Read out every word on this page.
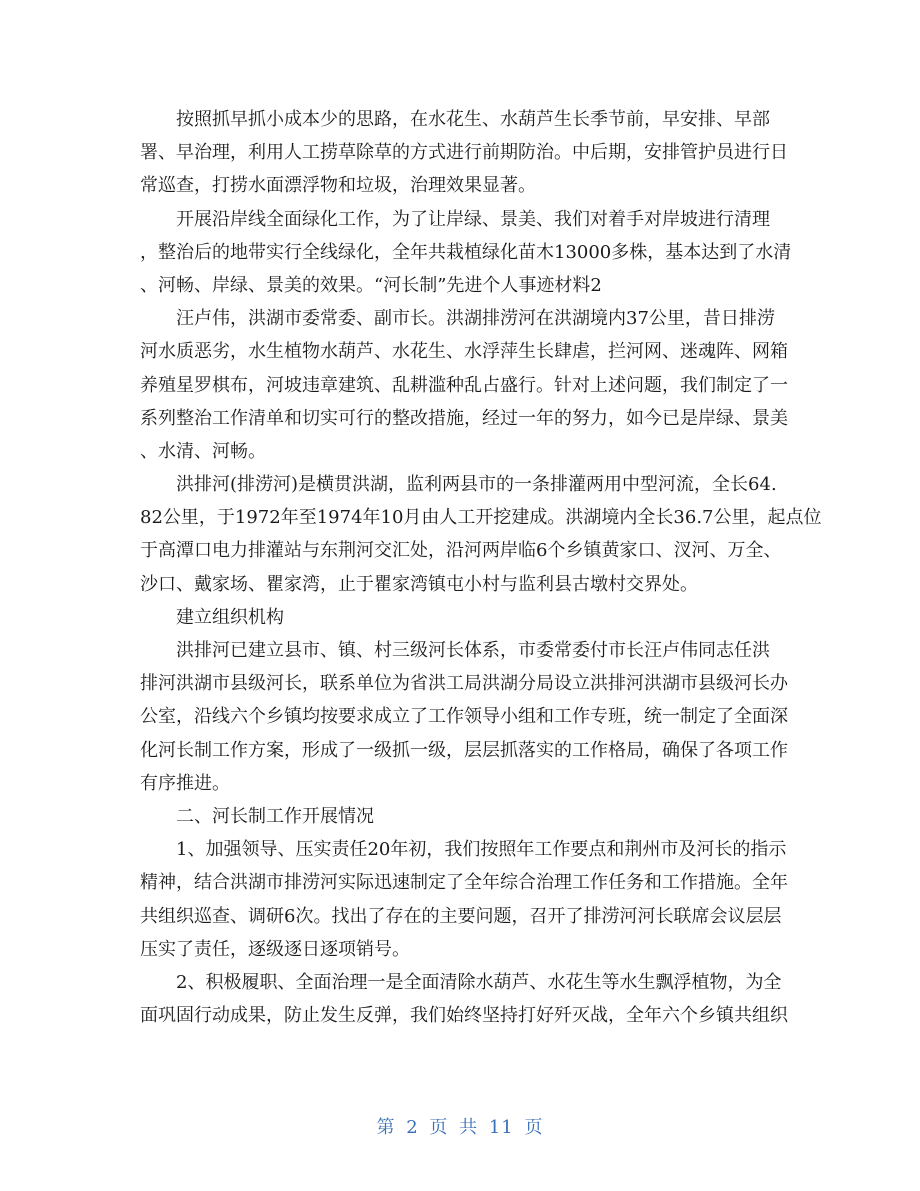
　　按照抓早抓小成本少的思路，在水花生、水葫芦生长季节前，早安排、早部
署、早治理，利用人工捞草除草的方式进行前期防治。中后期，安排管护员进行日
常巡查，打捞水面漂浮物和垃圾，治理效果显著。
　　开展沿岸线全面绿化工作，为了让岸绿、景美、我们对着手对岸坡进行清理
，整治后的地带实行全线绿化，全年共栽植绿化苗木13000多株，基本达到了水清
、河畅、岸绿、景美的效果。“河长制”先进个人事迹材料2
　　汪卢伟，洪湖市委常委、副市长。洪湖排涝河在洪湖境内37公里，昔日排涝
河水质恶劣，水生植物水葫芦、水花生、水浮萍生长肆虐，拦河网、迷魂阵、网箱
养殖星罗棋布，河坡违章建筑、乱耕滥种乱占盛行。针对上述问题，我们制定了一
系列整治工作清单和切实可行的整改措施，经过一年的努力，如今已是岸绿、景美
、水清、河畅。
　　洪排河(排涝河)是横贯洪湖，监利两县市的一条排灌两用中型河流，全长64.
82公里，于1972年至1974年10月由人工开挖建成。洪湖境内全长36.7公里，起点位
于高潭口电力排灌站与东荆河交汇处，沿河两岸临6个乡镇黄家口、汊河、万全、
沙口、戴家场、瞿家湾，止于瞿家湾镇屯小村与监利县古墩村交界处。
　　建立组织机构
　　洪排河已建立县市、镇、村三级河长体系，市委常委付市长汪卢伟同志任洪
排河洪湖市县级河长，联系单位为省洪工局洪湖分局设立洪排河洪湖市县级河长办
公室，沿线六个乡镇均按要求成立了工作领导小组和工作专班，统一制定了全面深
化河长制工作方案，形成了一级抓一级，层层抓落实的工作格局，确保了各项工作
有序推进。
　　二、河长制工作开展情况
　　1、加强领导、压实责任20年初，我们按照年工作要点和荆州市及河长的指示
精神，结合洪湖市排涝河实际迅速制定了全年综合治理工作任务和工作措施。全年
共组织巡查、调研6次。找出了存在的主要问题，召开了排涝河河长联席会议层层
压实了责任，逐级逐日逐项销号。
　　2、积极履职、全面治理一是全面清除水葫芦、水花生等水生飘浮植物，为全
面巩固行动成果，防止发生反弹，我们始终坚持打好歼灭战，全年六个乡镇共组织
第 2 页 共 11 页
